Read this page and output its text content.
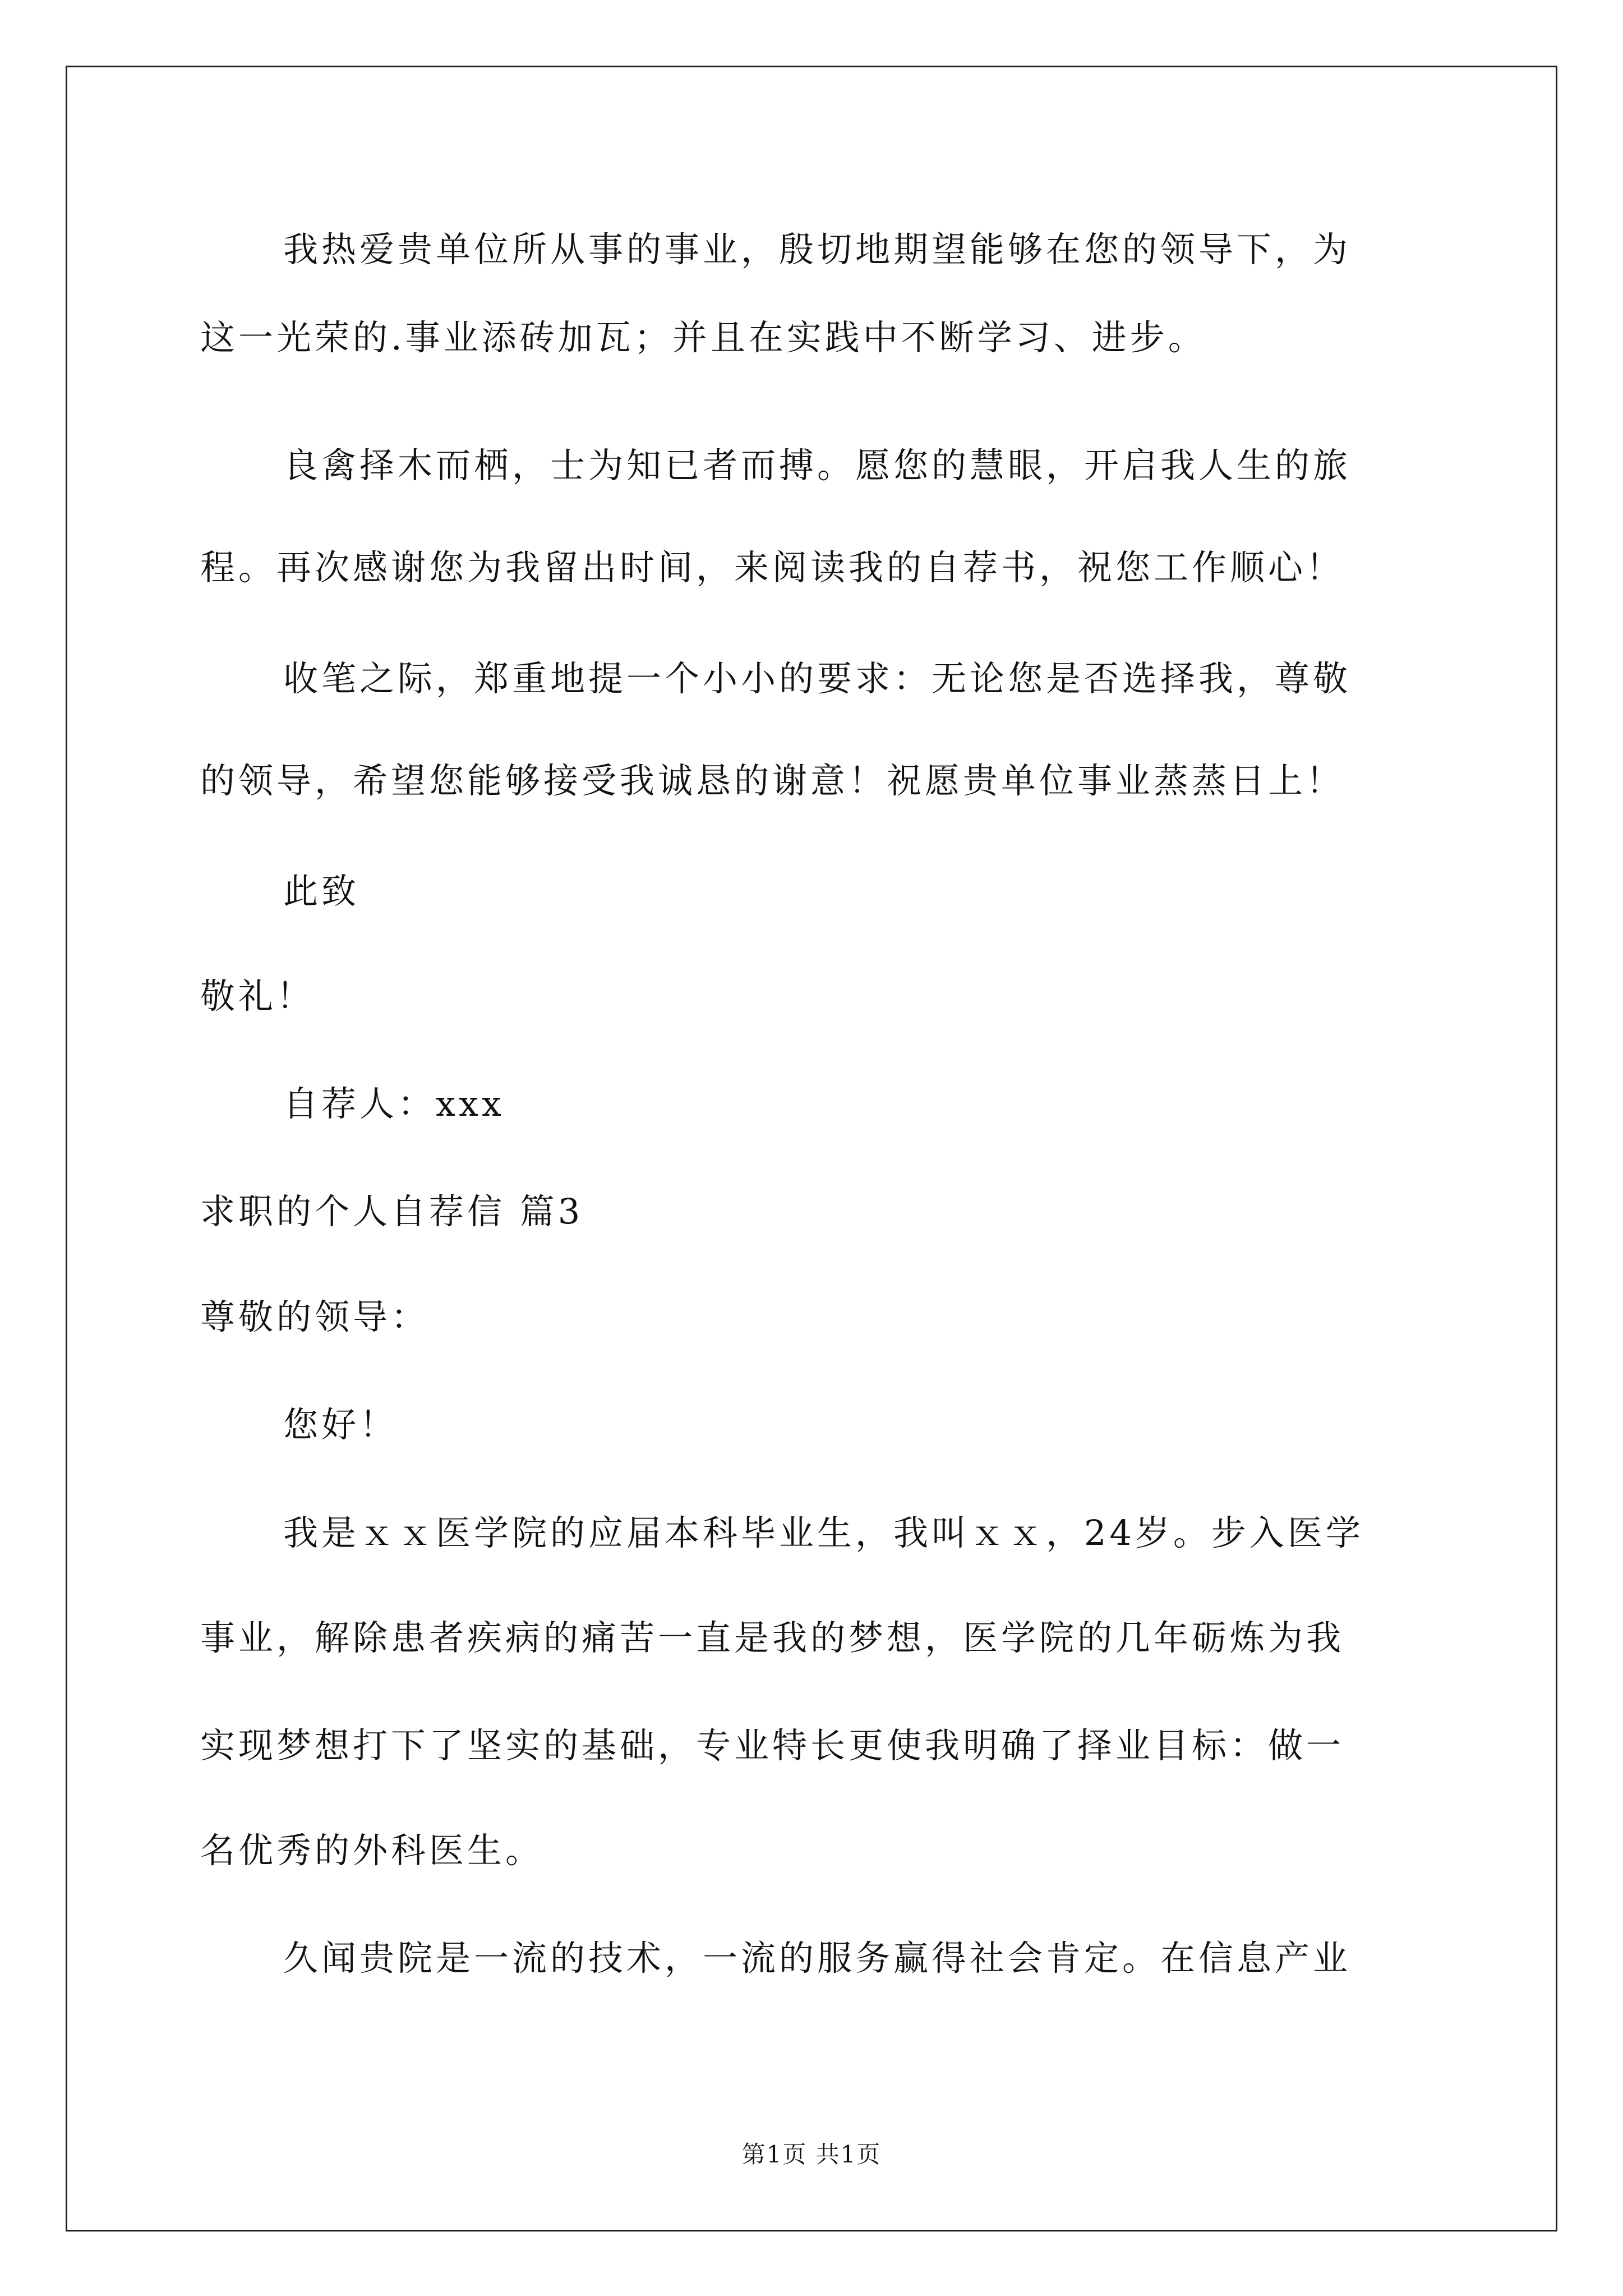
我热爱贵单位所从事的事业，殷切地期望能够在您的领导下，为

这一光荣的.事业添砖加瓦；并且在实践中不断学习、进步。

良禽择木而栖，士为知已者而搏。愿您的慧眼，开启我人生的旅

程。再次感谢您为我留出时间，来阅读我的自荐书，祝您工作顺心！

收笔之际，郑重地提一个小小的要求：无论您是否选择我，尊敬

的领导，希望您能够接受我诚恳的谢意！祝愿贵单位事业蒸蒸日上！

此致

敬礼！

自荐人：xxx

求职的个人自荐信 篇3

尊敬的领导：

您好！

我是ｘｘ医学院的应届本科毕业生，我叫ｘｘ，24岁。步入医学

事业，解除患者疾病的痛苦一直是我的梦想，医学院的几年砺炼为我

实现梦想打下了坚实的基础，专业特长更使我明确了择业目标：做一

名优秀的外科医生。

久闻贵院是一流的技术，一流的服务赢得社会肯定。在信息产业

第1页 共1页
